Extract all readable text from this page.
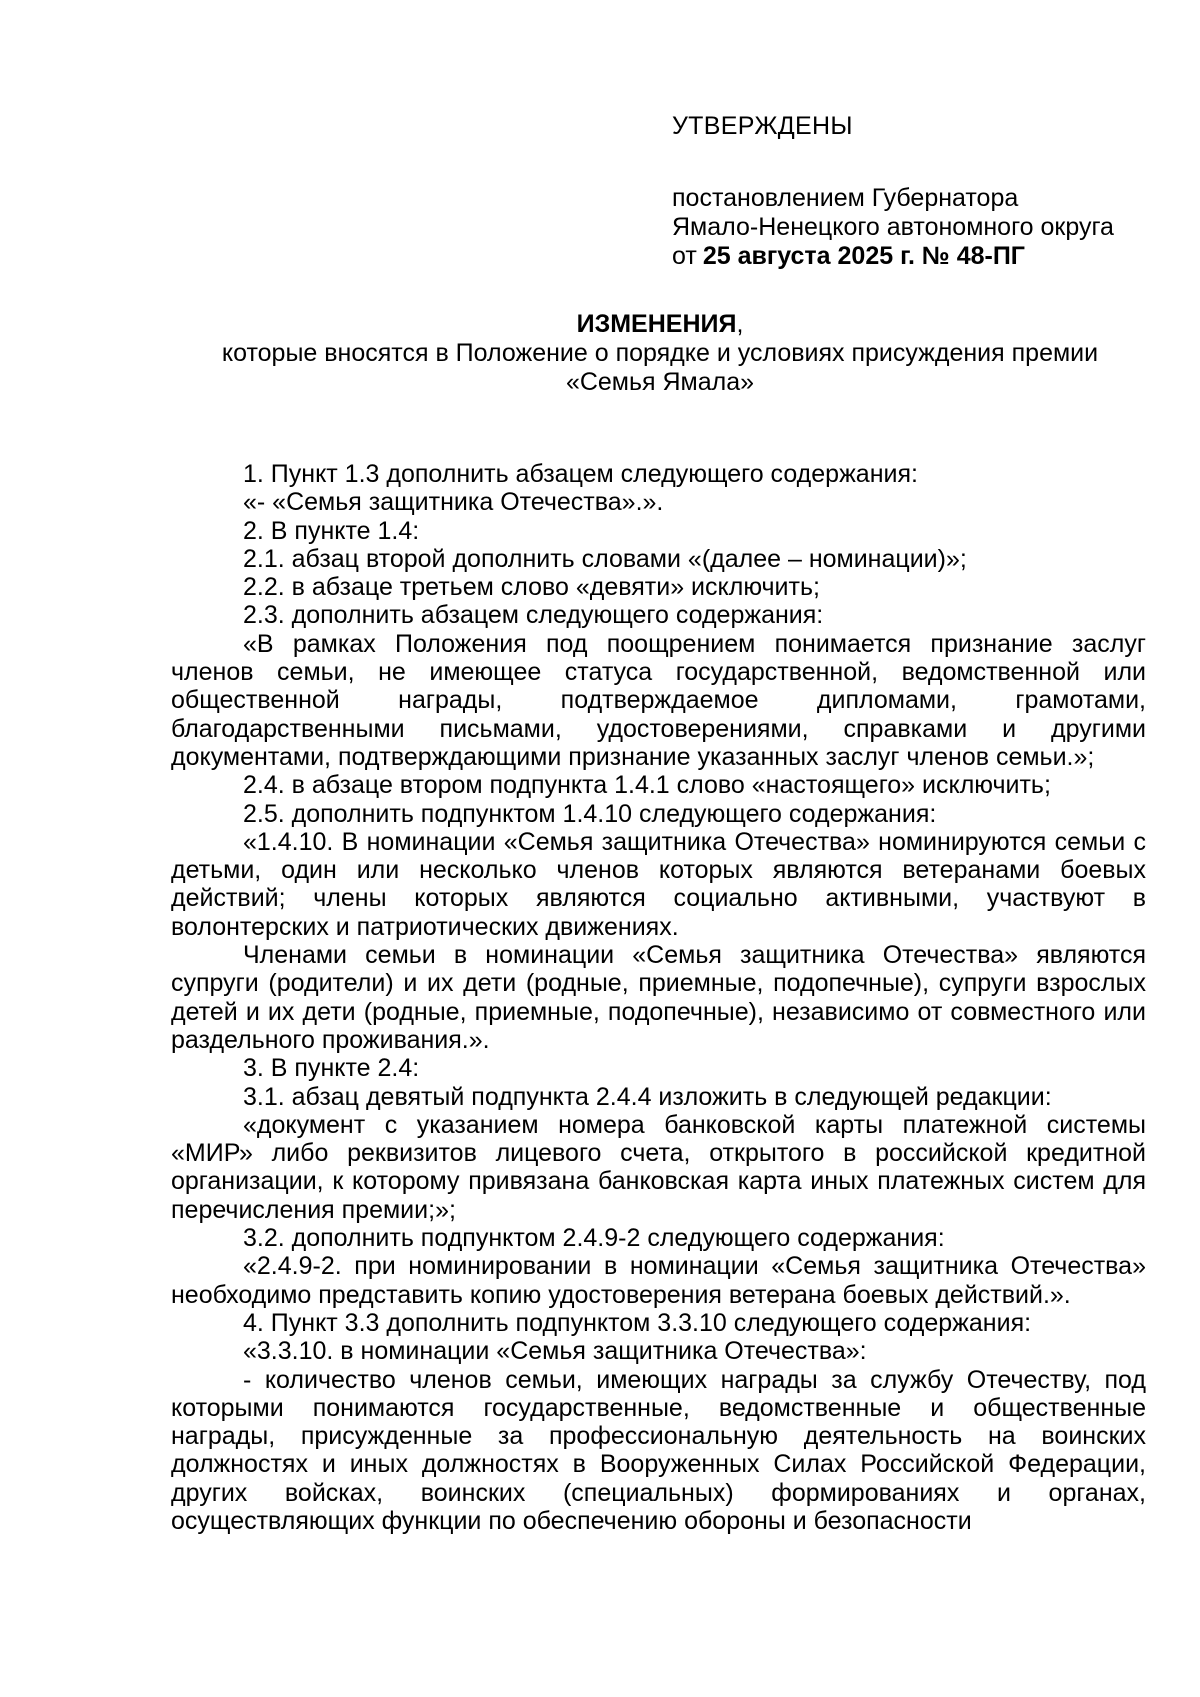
УТВЕРЖДЕНЫ

постановлением Губернатора

Ямало-Ненецкого автономного округа

от 25 августа 2025 г. № 48-ПГ

ИЗМЕНЕНИЯ,

которые вносятся в Положение о порядке и условиях присуждения премии

«Семья Ямала»

1. Пункт 1.3 дополнить абзацем следующего содержания:

«- «Семья защитника Отечества».».

2. В пункте 1.4:

2.1. абзац второй дополнить словами «(далее – номинации)»;

2.2. в абзаце третьем слово «девяти» исключить;

2.3. дополнить абзацем следующего содержания:

«В рамках Положения под поощрением понимается признание заслуг членов семьи, не имеющее статуса государственной, ведомственной или общественной награды, подтверждаемое дипломами, грамотами, благодарственными письмами, удостоверениями, справками и другими документами, подтверждающими признание указанных заслуг членов семьи.»;

2.4. в абзаце втором подпункта 1.4.1 слово «настоящего» исключить;

2.5. дополнить подпунктом 1.4.10 следующего содержания:

«1.4.10. В номинации «Семья защитника Отечества» номинируются семьи с детьми, один или несколько членов которых являются ветеранами боевых действий; члены которых являются социально активными, участвуют в волонтерских и патриотических движениях.

Членами семьи в номинации «Семья защитника Отечества» являются супруги (родители) и их дети (родные, приемные, подопечные), супруги взрослых детей и их дети (родные, приемные, подопечные), независимо от совместного или раздельного проживания.».

3. В пункте 2.4:

3.1. абзац девятый подпункта 2.4.4 изложить в следующей редакции:

«документ с указанием номера банковской карты платежной системы «МИР» либо реквизитов лицевого счета, открытого в российской кредитной организации, к которому привязана банковская карта иных платежных систем для перечисления премии;»;

3.2. дополнить подпунктом 2.4.9-2 следующего содержания:

«2.4.9-2. при номинировании в номинации «Семья защитника Отечества» необходимо представить копию удостоверения ветерана боевых действий.».

4. Пункт 3.3 дополнить подпунктом 3.3.10 следующего содержания:

«3.3.10. в номинации «Семья защитника Отечества»:

- количество членов семьи, имеющих награды за службу Отечеству, под которыми понимаются государственные, ведомственные и общественные награды, присужденные за профессиональную деятельность на воинских должностях и иных должностях в Вооруженных Силах Российской Федерации, других войсках, воинских (специальных) формированиях и органах, осуществляющих функции по обеспечению обороны и безопасности
